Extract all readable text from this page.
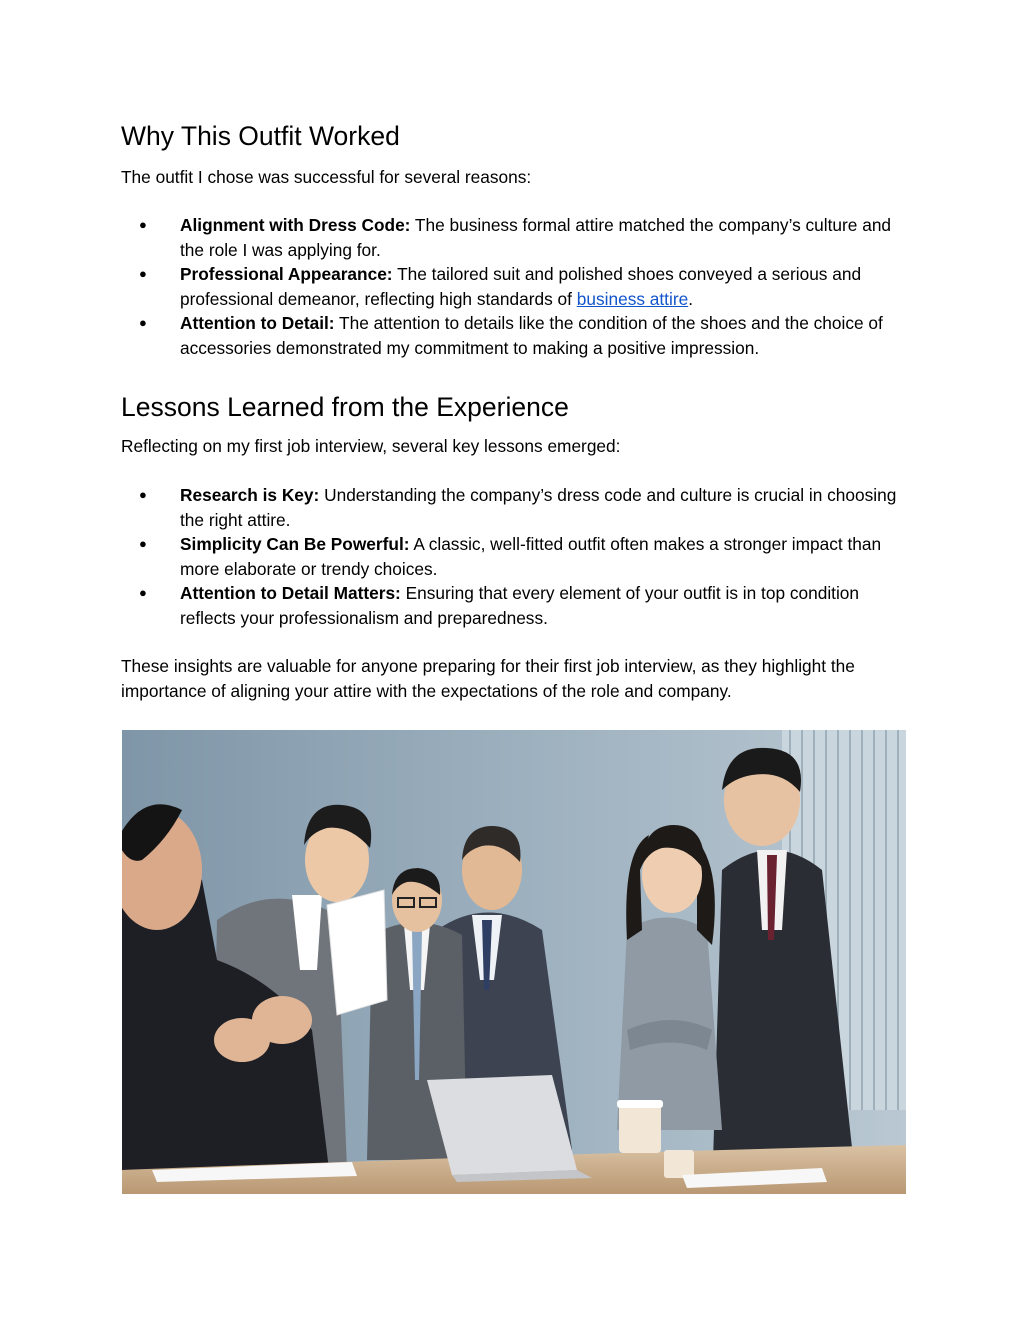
Why This Outfit Worked

The outfit I chose was successful for several reasons:

● Alignment with Dress Code: The business formal attire matched the company’s culture and the role I was applying for.
● Professional Appearance: The tailored suit and polished shoes conveyed a serious and professional demeanor, reflecting high standards of business attire.
● Attention to Detail: The attention to details like the condition of the shoes and the choice of accessories demonstrated my commitment to making a positive impression.
Lessons Learned from the Experience

Reflecting on my first job interview, several key lessons emerged:

● Research is Key: Understanding the company’s dress code and culture is crucial in choosing the right attire.
● Simplicity Can Be Powerful: A classic, well-fitted outfit often makes a stronger impact than more elaborate or trendy choices.
● Attention to Detail Matters: Ensuring that every element of your outfit is in top condition reflects your professionalism and preparedness.

These insights are valuable for anyone preparing for their first job interview, as they highlight the importance of aligning your attire with the expectations of the role and company.
